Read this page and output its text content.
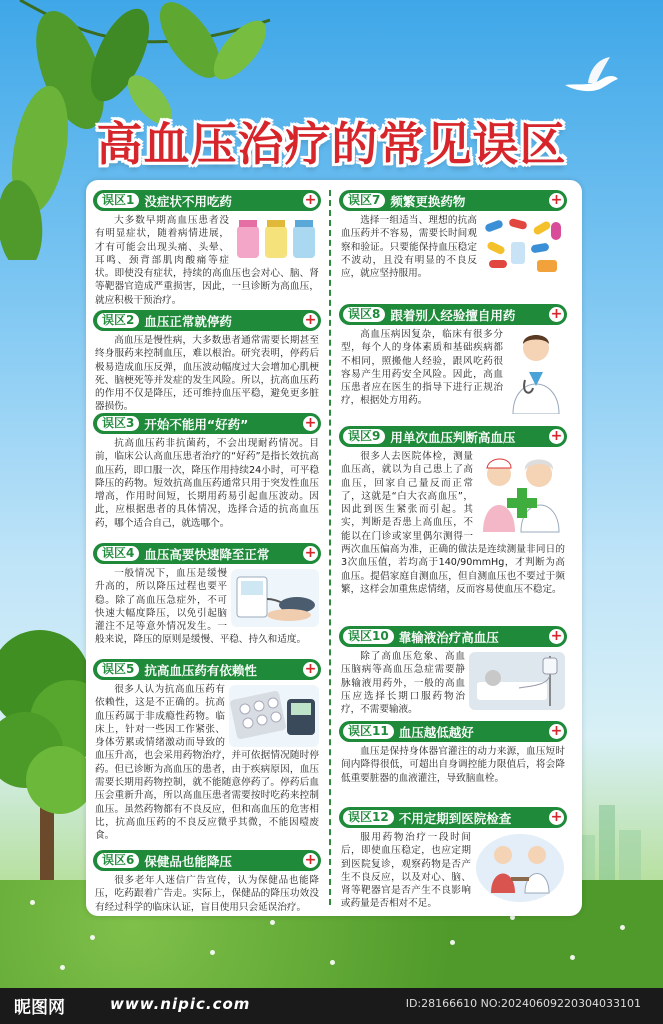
高血压治疗的常见误区
误区1 没症状不用吃药	+
大多数早期高血压患者没有明显症状，随着病情进展，才有可能会出现头痛、头晕、耳鸣、颈背部肌肉酸痛等症状。即使没有症状，持续的高血压也会对心、脑、肾等靶器官造成严重损害，因此，一旦诊断为高血压，就应积极干预治疗。
误区2 血压正常就停药	+
高血压是慢性病，大多数患者通常需要长期甚至终身服药来控制血压，难以根治。研究表明，停药后极易造成血压反弹，血压波动幅度过大会增加心肌梗死、脑梗死等并发症的发生风险。所以，抗高血压药的作用不仅是降压，还可维持血压平稳，避免更多脏器损伤。
误区3 开始不能用“好药”	+
抗高血压药非抗菌药，不会出现耐药情况。目前，临床公认高血压患者治疗的“好药”是指长效抗高血压药，即口服一次，降压作用持续24小时，可平稳降压的药物。短效抗高血压药通常只用于突发性血压增高，作用时间短，长期用药易引起血压波动。因此，应根据患者的具体情况，选择合适的抗高血压药，哪个适合自己，就选哪个。
误区4 血压高要快速降至正常	+
一般情况下，血压是缓慢升高的，所以降压过程也要平稳。除了高血压急症外，不可快速大幅度降压，以免引起脑灌注不足等意外情况发生。一般来说，降压的原则是缓慢、平稳、持久和适度。
误区5 抗高血压药有依赖性	+
很多人认为抗高血压药有依赖性，这是不正确的。抗高血压药属于非成瘾性药物。临床上，针对一些因工作紧张、身体劳累或情绪激动而导致的血压升高，也会采用药物治疗，并可依据情况随时停药。但已诊断为高血压的患者，由于疾病原因，血压需要长期用药物控制，就不能随意停药了。停药后血压会重新升高，所以高血压患者需要按时吃药来控制血压。虽然药物都有不良反应，但和高血压的危害相比，抗高血压药的不良反应微乎其微，不能因噎废食。
误区6 保健品也能降压	+
很多老年人迷信广告宣传，认为保健品也能降压，吃药跟着广告走。实际上，保健品的降压功效没有经过科学的临床认证，盲目使用只会延误治疗。
误区7 频繁更换药物	+
选择一组适当、理想的抗高血压药并不容易，需要长时间观察和验证。只要能保持血压稳定不波动，且没有明显的不良反应，就应坚持服用。
误区8 跟着别人经验擅自用药	+
高血压病因复杂，临床有很多分型，每个人的身体素质和基础疾病都不相同，照搬他人经验，跟风吃药很容易产生用药安全风险。因此，高血压患者应在医生的指导下进行正规治疗，根据处方用药。
误区9 用单次血压判断高血压	+
很多人去医院体检，测量血压高，就以为自己患上了高血压，回家自己量反而正常了，这就是“白大衣高血压”，因此到医生紧张而引起。其实，判断是否患上高血压，不能以在门诊或家里偶尔测得一两次血压偏高为准，正确的做法是连续测量非同日的3次血压值，若均高于140/90mmHg，才判断为高血压。提倡家庭自测血压，但自测血压也不要过于频繁，这样会加重焦虑情绪，反而容易使血压不稳定。
误区10 靠输液治疗高血压	+
除了高血压危象、高血压脑病等高血压急症需要静脉输液用药外，一般的高血压应选择长期口服药物治疗，不需要输液。
误区11 血压越低越好	+
血压是保持身体器官灌注的动力来源，血压短时间内降得很低，可超出自身调控能力限值后，将会降低重要脏器的血液灌注，导致脑血栓。
误区12 不用定期到医院检查	+
服用药物治疗一段时间后，即使血压稳定，也应定期到医院复诊，观察药物是否产生不良反应，以及对心、脑、肾等靶器官是否产生不良影响或药量是否相对不足。
昵图网	www.nipic.com	ID:28166610 NO:20240609220304033101
